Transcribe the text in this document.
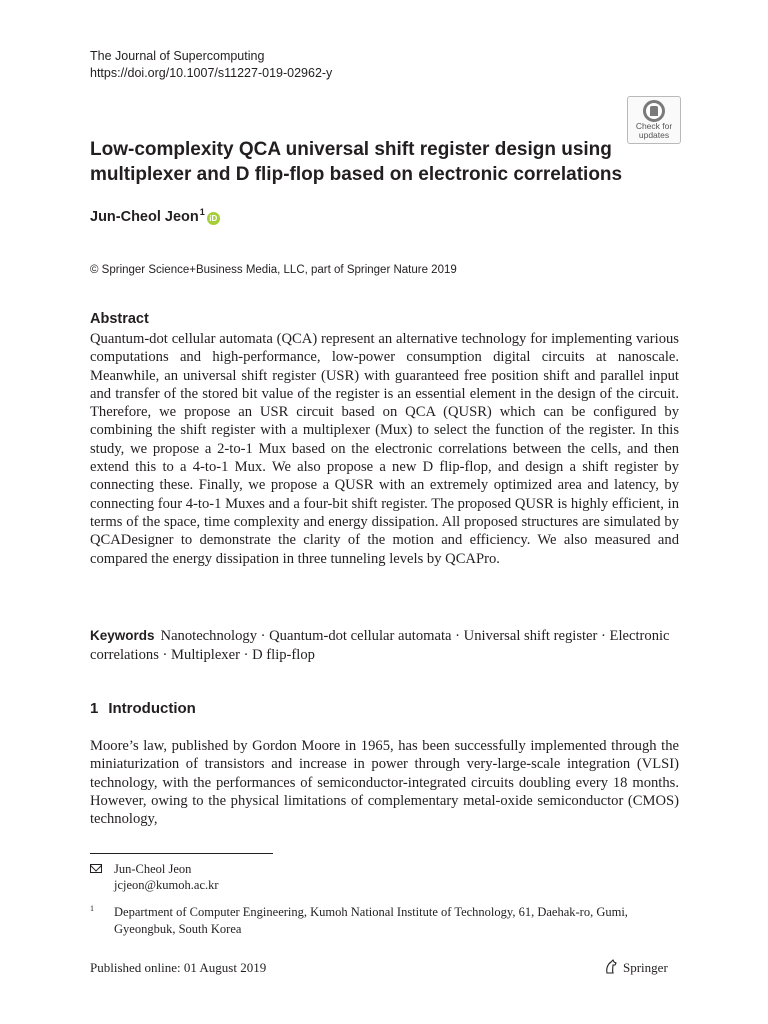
The Journal of Supercomputing
https://doi.org/10.1007/s11227-019-02962-y
Check for
updates
Low-complexity QCA universal shift register design using multiplexer and D flip-flop based on electronic correlations
Jun-Cheol Jeon$^1$iD
© Springer Science+Business Media, LLC, part of Springer Nature 2019
Abstract
Quantum-dot cellular automata (QCA) represent an alternative technology for implementing various computations and high-performance, low-power consumption digital circuits at nanoscale. Meanwhile, an universal shift register (USR) with guaranteed free position shift and parallel input and transfer of the stored bit value of the register is an essential element in the design of the circuit. Therefore, we propose an USR circuit based on QCA (QUSR) which can be configured by combining the shift register with a multiplexer (Mux) to select the function of the register. In this study, we propose a 2-to-1 Mux based on the electronic correlations between the cells, and then extend this to a 4-to-1 Mux. We also propose a new D flip-flop, and design a shift register by connecting these. Finally, we propose a QUSR with an extremely optimized area and latency, by connecting four 4-to-1 Muxes and a four-bit shift register. The proposed QUSR is highly efficient, in terms of the space, time complexity and energy dissipation. All proposed structures are simulated by QCADesigner to demonstrate the clarity of the motion and efficiency. We also measured and compared the energy dissipation in three tunneling levels by QCAPro.
Keywords Nanotechnology · Quantum-dot cellular automata · Universal shift register · Electronic correlations · Multiplexer · D flip-flop
1 Introduction
Moore’s law, published by Gordon Moore in 1965, has been successfully implemented through the miniaturization of transistors and increase in power through very-large-scale integration (VLSI) technology, with the performances of semiconductor-integrated circuits doubling every 18 months. However, owing to the physical limitations of complementary metal-oxide semiconductor (CMOS) technology,
Jun-Cheol Jeon
jcjeon@kumoh.ac.kr
1 Department of Computer Engineering, Kumoh National Institute of Technology, 61, Daehak-ro, Gumi, Gyeongbuk, South Korea
Published online: 01 August 2019	Springer
